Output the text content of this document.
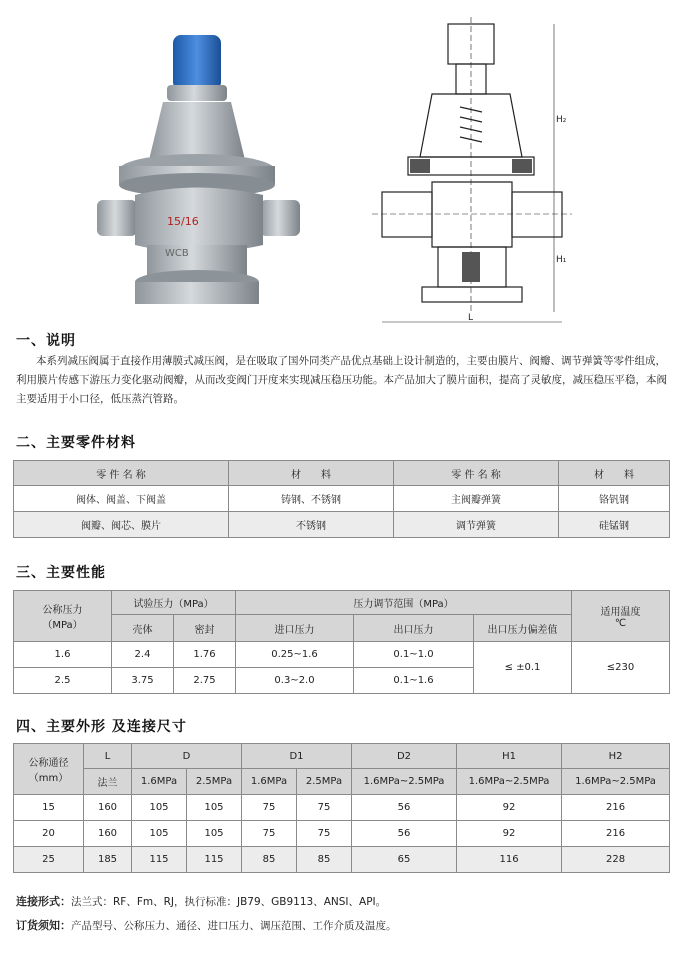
15/16
WCB
H₂
H₁
L
一、说明
本系列减压阀属于直接作用薄膜式减压阀，是在吸取了国外同类产品优点基础上设计制造的，主要由膜片、阀瓣、调节弹簧等零件组成，利用膜片传感下游压力变化驱动阀瓣，从而改变阀门开度来实现减压稳压功能。本产品加大了膜片面积，提高了灵敏度，减压稳压平稳，本阀主要适用于小口径，低压蒸汽管路。
二、主要零件材料
零 件 名 称	材　　料	零 件 名 称	材　　料
阀体、阀盖、下阀盖	铸钢、不锈钢	主阀瓣弹簧	铬钒钢
阀瓣、阀芯、膜片	不锈钢	调节弹簧	硅锰钢
三、主要性能
公称压力
（MPa）	试验压力（MPa）		压力调节范围（MPa）			适用温度
℃
	壳体	密封	进口压力	出口压力	出口压力偏差值	
1.6	2.4	1.76	0.25~1.6	0.1~1.0	≤ ±0.1	≤230
2.5	3.75	2.75	0.3~2.0	0.1~1.6		
四、主要外形 及连接尺寸
公称通径
（mm）	L	D		D1		D2	H1	H2
	法兰	1.6MPa	2.5MPa	1.6MPa	2.5MPa	1.6MPa~2.5MPa	1.6MPa~2.5MPa	1.6MPa~2.5MPa
15	160	105	105	75	75	56	92	216
20	160	105	105	75	75	56	92	216
25	185	115	115	85	85	65	116	228
连接形式：法兰式：RF、Fm、RJ，执行标准：JB79、GB9113、ANSI、API。
订货须知：产品型号、公称压力、通径、进口压力、调压范围、工作介质及温度。
